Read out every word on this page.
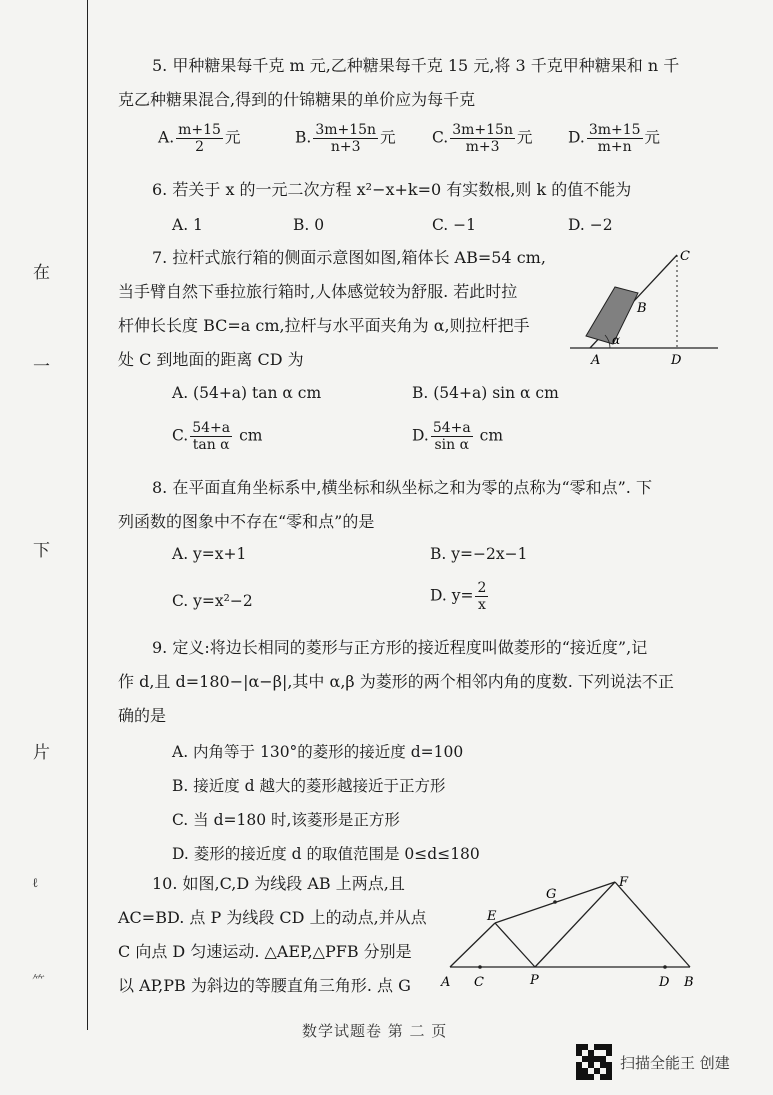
在
一
下
片
ℓ
⺮
5. 甲种糖果每千克 m 元,乙种糖果每千克 15 元,将 3 千克甲种糖果和 n 千
克乙种糖果混合,得到的什锦糖果的单价应为每千克
A. $\frac{m+15}{2}$ 元	B. $\frac{3m+15n}{n+3}$ 元 C. $\frac{3m+15n}{m+3}$ 元 D. $\frac{3m+15}{m+n}$ 元
6. 若关于 x 的一元二次方程 x²−x+k=0 有实数根,则 k 的值不能为
A. 1	B. 0	C. −1	D. −2
7. 拉杆式旅行箱的侧面示意图如图,箱体长 AB=54 cm,
当手臂自然下垂拉旅行箱时,人体感觉较为舒服. 若此时拉
杆伸长长度 BC=a cm,拉杆与水平面夹角为 α,则拉杆把手
处 C 到地面的距离 CD 为
C
B
A	D
α
A. (54+a) tan α cm	B. (54+a) sin α cm
C. $\frac{54+a}{\text{tan α}}$ cm	D. $\frac{54+a}{\text{sin α}}$ cm
8. 在平面直角坐标系中,横坐标和纵坐标之和为零的点称为“零和点”. 下
列函数的图象中不存在“零和点”的是
A. y=x+1	B. y=−2x−1
C. y=x²−2	D. $y= \frac{2}{x}$
9. 定义:将边长相同的菱形与正方形的接近程度叫做菱形的“接近度”,记
作 d,且 d=180−|α−β|,其中 α,β 为菱形的两个相邻内角的度数. 下列说法不正
确的是
A. 内角等于 130°的菱形的接近度 d=100
B. 接近度 d 越大的菱形越接近于正方形
C. 当 d=180 时,该菱形是正方形
D. 菱形的接近度 d 的取值范围是 0≤d≤180
10. 如图,C,D 为线段 AB 上两点,且
AC=BD. 点 P 为线段 CD 上的动点,并从点
C 向点 D 匀速运动. △AEP,△PFB 分别是
以 AP,PB 为斜边的等腰直角三角形. 点 G A C	P	D B
E
G
F
数学试题卷 第 二 页
扫描全能王 创建
